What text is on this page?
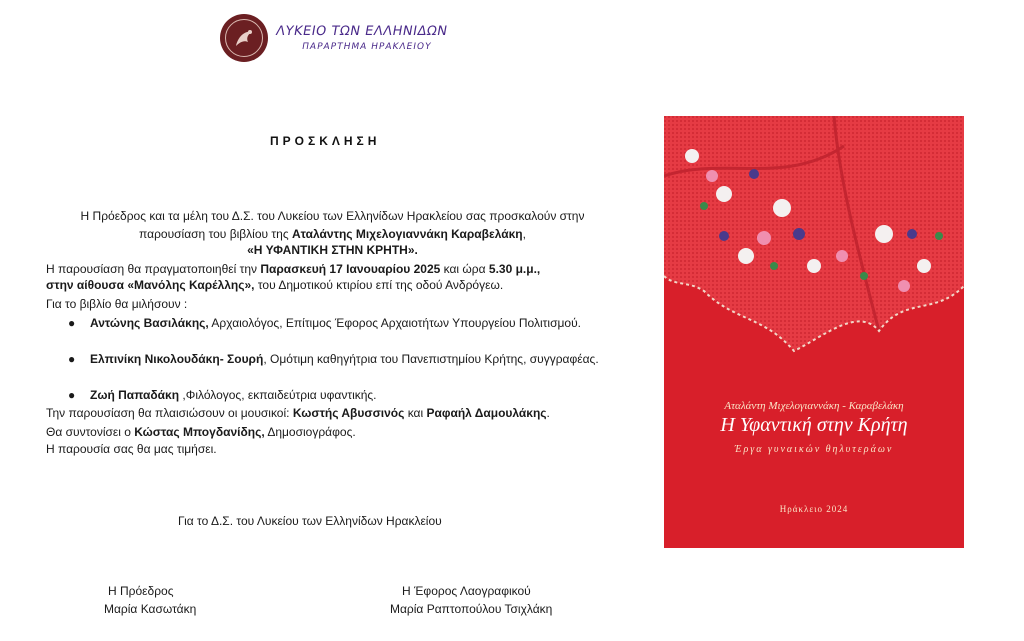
ΛΥΚΕΙΟ ΤΩΝ ΕΛΛΗΝΙΔΩΝ
ΠΑΡΑΡΤΗΜΑ ΗΡΑΚΛΕΙΟΥ
ΠΡΟΣΚΛΗΣΗ
Η Πρόεδρος και τα μέλη του Δ.Σ. του Λυκείου των Ελληνίδων Ηρακλείου σας προσκαλούν στην
παρουσίαση του βιβλίου της Αταλάντης Μιχελογιαννάκη Καραβελάκη,
«Η ΥΦΑΝΤΙΚΗ ΣΤΗΝ ΚΡΗΤΗ».
Η παρουσίαση θα πραγματοποιηθεί την Παρασκευή 17 Ιανουαρίου 2025 και ώρα 5.30 μ.μ.,
στην αίθουσα «Μανόλης Καρέλλης», του Δημοτικού κτιρίου επί της οδού Ανδρόγεω.
Για το βιβλίο θα μιλήσουν :
● Αντώνης Βασιλάκης, Αρχαιολόγος, Επίτιμος Έφορος Αρχαιοτήτων Υπουργείου Πολιτισμού.
● Ελπινίκη Νικολουδάκη- Σουρή, Ομότιμη καθηγήτρια του Πανεπιστημίου Κρήτης, συγγραφέας.
● Ζωή Παπαδάκη ,Φιλόλογος, εκπαιδεύτρια υφαντικής.
Την παρουσίαση θα πλαισιώσουν οι μουσικοί: Κωστής Αβυσσινός και Ραφαήλ Δαμουλάκης.
Θα συντονίσει ο Κώστας Μπογδανίδης, Δημοσιογράφος.
Η παρουσία σας θα μας τιμήσει.
Για το Δ.Σ. του Λυκείου των Ελληνίδων Ηρακλείου
Η Πρόεδρος
Μαρία Κασωτάκη
Η Έφορος Λαογραφικού
Μαρία Ραπτοπούλου Τσιχλάκη
Αταλάντη Μιχελογιαννάκη - Καραβελάκη
Η Υφαντική στην Κρήτη
Έργα γυναικών θηλυτεράων
Ηράκλειο 2024
